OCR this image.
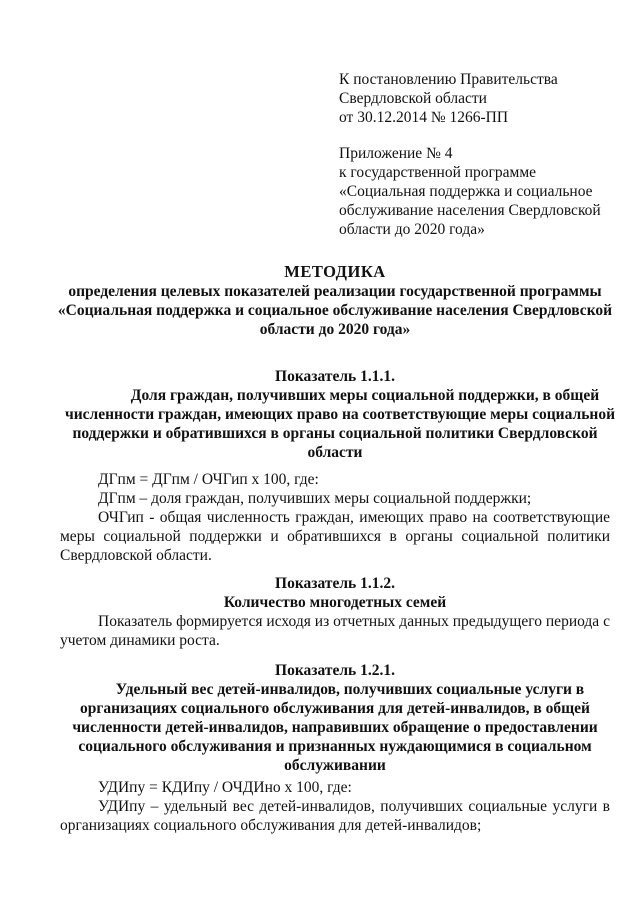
К постановлению Правительства

Свердловской области

от 30.12.2014 № 1266-ПП

Приложение № 4

к государственной программе

«Социальная поддержка и социальное

обслуживание населения Свердловской

области до 2020 года»

МЕТОДИКА

определения целевых показателей реализации государственной программы

«Социальная поддержка и социальное обслуживание населения Свердловской

области до 2020 года»

Показатель 1.1.1.

Доля граждан, получивших меры социальной поддержки, в общей

численности граждан, имеющих право на соответствующие меры социальной

поддержки и обратившихся в органы социальной политики Свердловской

области

ДГпм = ДГпм / ОЧГип х 100, где:

ДГпм – доля граждан, получивших меры социальной поддержки;

ОЧГип - общая численность граждан, имеющих право на соответствующие меры социальной поддержки и обратившихся в органы социальной политики Свердловской области.

Показатель 1.1.2.

Количество многодетных семей

Показатель формируется исходя из отчетных данных предыдущего периода с учетом динамики роста.

Показатель 1.2.1.

Удельный вес детей-инвалидов, получивших социальные услуги в

организациях социального обслуживания для детей-инвалидов, в общей

численности детей-инвалидов, направивших обращение о предоставлении

социального обслуживания и признанных нуждающимися в социальном

обслуживании

УДИпу = КДИпу / ОЧДИно х 100, где:

УДИпу – удельный вес детей-инвалидов, получивших социальные услуги в организациях социального обслуживания для детей-инвалидов;
